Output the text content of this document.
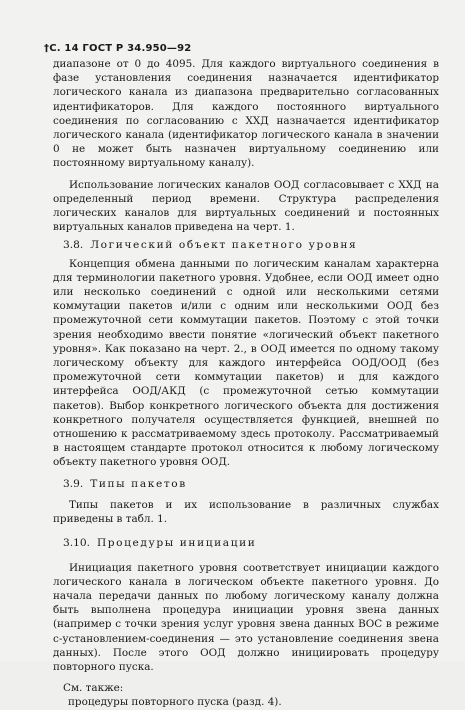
†С. 14 ГОСТ Р 34.950—92

диапазоне от 0 до 4095. Для каждого виртуального соединения в фазе установления соединения назначается идентификатор логического канала из диапазона предварительно согласованных идентификаторов. Для каждого постоянного виртуального соединения по согласованию с ХХД назначается идентификатор логического канала (идентификатор логического канала в значении 0 не может быть назначен виртуальному соединению или постоянному виртуальному каналу).

Использование логических каналов ООД согласовывает с ХХД на определенный период времени. Структура распределения логических каналов для виртуальных соединений и постоянных виртуальных каналов приведена на черт. 1.

3.8. Логический объект пакетного уровня

Концепция обмена данными по логическим каналам характерна для терминологии пакетного уровня. Удобнее, если ООД имеет одно или несколько соединений с одной или несколькими сетями коммутации пакетов и/или с одним или несколькими ООД без промежуточной сети коммутации пакетов. Поэтому с этой точки зрения необходимо ввести понятие «логический объект пакетного уровня». Как показано на черт. 2., в ООД имеется по одному такому логическому объекту для каждого интерфейса ООД/ООД (без промежуточной сети коммутации пакетов) и для каждого интерфейса ООД/АКД (с промежуточной сетью коммутации пакетов). Выбор конкретного логического объекта для достижения конкретного получателя осуществляется функцией, внешней по отношению к рассматриваемому здесь протоколу. Рассматриваемый в настоящем стандарте протокол относится к любому логическому объекту пакетного уровня ООД.

3.9. Типы пакетов

Типы пакетов и их использование в различных службах приведены в табл. 1.

3.10. Процедуры инициации

Инициация пакетного уровня соответствует инициации каждого логического канала в логическом объекте пакетного уровня. До начала передачи данных по любому логическому каналу должна быть выполнена процедура инициации уровня звена данных (например с точки зрения услуг уровня звена данных ВОС в режиме с-установлением-соединения — это установление соединения звена данных). После этого ООД должно инициировать процедуру повторного пуска.

См. также:

процедуры повторного пуска (разд. 4).
